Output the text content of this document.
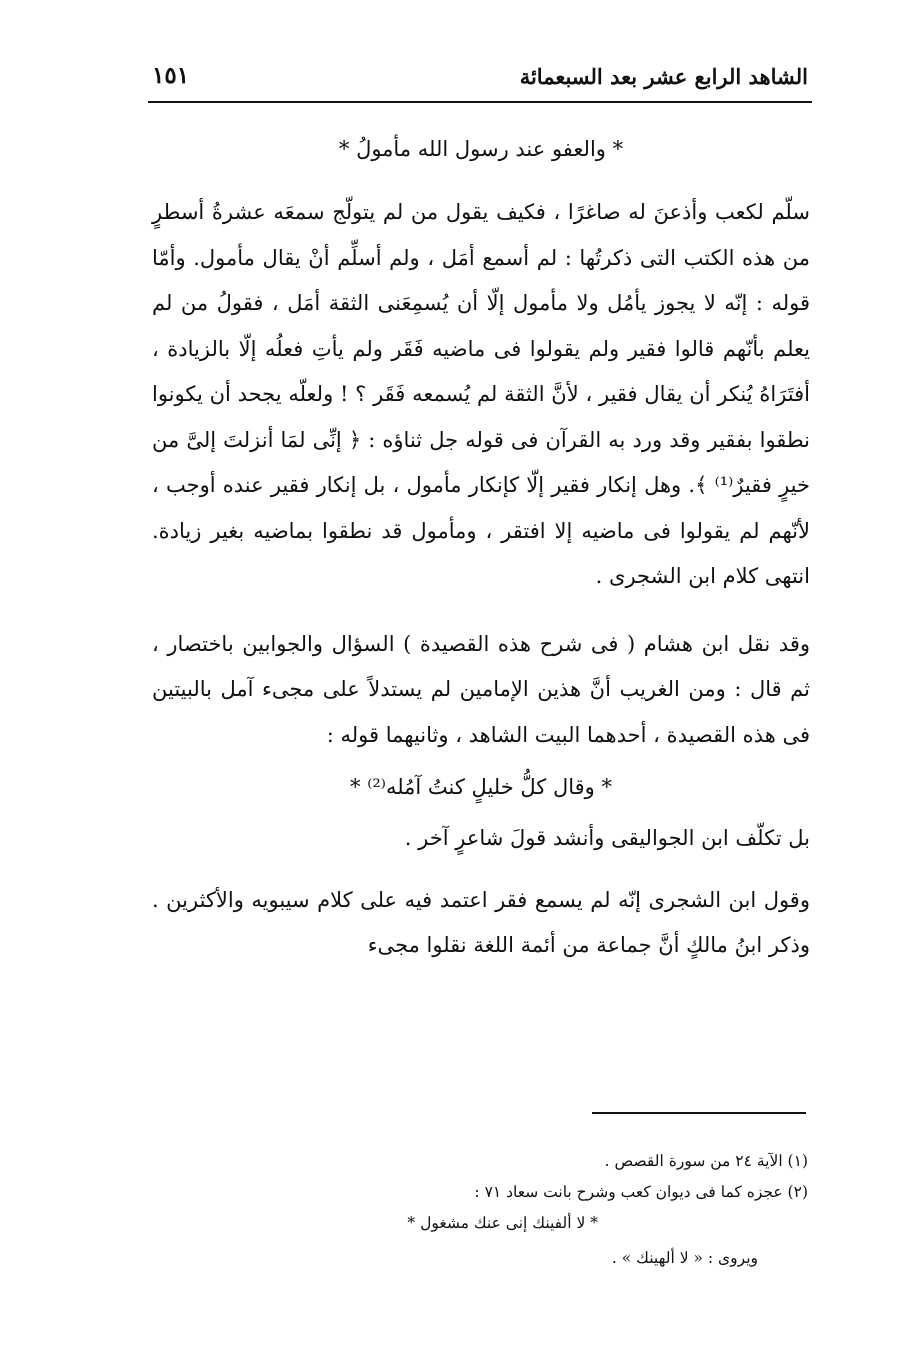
الشاهد الرابع عشر بعد السبعمائة
١٥١
* والعفو عند رسول الله مأمولُ *

سلّم لكعب وأذعنَ له صاغرًا ، فكيف يقول من لم يتولّج سمعَه عشرةُ أسطرٍ من هذه الكتب التى ذكرتُها : لم أسمع أمَل ، ولم أسلِّم أنْ يقال مأمول. وأمّا قوله : إنّه لا يجوز يأمُل ولا مأمول إلّا أن يُسمِعَنى الثقة أمَل ، فقولُ من لم يعلم بأنّهم قالوا فقير ولم يقولوا فى ماضيه فَقَر ولم يأتِ فعلُه إلّا بالزيادة ، أفتَرَاهُ يُنكر أن يقال فقير ، لأنَّ الثقة لم يُسمعه فَقَر ؟ ! ولعلّه يجحد أن يكونوا نطقوا بفقير وقد ورد به القرآن فى قوله جل ثناؤه : ﴿ إنِّى لمَا أنزلتَ إلىَّ من خيرٍ فقيرٌ⁽¹⁾ ﴾. وهل إنكار فقير إلّا كإنكار مأمول ، بل إنكار فقير عنده أوجب ، لأنّهم لم يقولوا فى ماضيه إلا افتقر ، ومأمول قد نطقوا بماضيه بغير زيادة. انتهى كلام ابن الشجرى .

وقد نقل ابن هشام ( فى شرح هذه القصيدة ) السؤال والجوابين باختصار ، ثم قال : ومن الغريب أنَّ هذين الإمامين لم يستدلاً على مجىء آمل بالبيتين فى هذه القصيدة ، أحدهما البيت الشاهد ، وثانيهما قوله :

* وقال كلُّ خليلٍ كنتُ آمُله⁽²⁾ *

بل تكلّف ابن الجواليقى وأنشد قولَ شاعرٍ آخر .

وقول ابن الشجرى إنّه لم يسمع فقر اعتمد فيه على كلام سيبويه والأكثرين . وذكر ابنُ مالكٍ أنَّ جماعة من أئمة اللغة نقلوا مجىء

(١) الآية ٢٤ من سورة القصص .
(٢) عجزه كما فى ديوان كعب وشرح بانت سعاد ٧١ :
* لا ألفينك إنى عنك مشغول *
ويروى : « لا ألهينك » .
